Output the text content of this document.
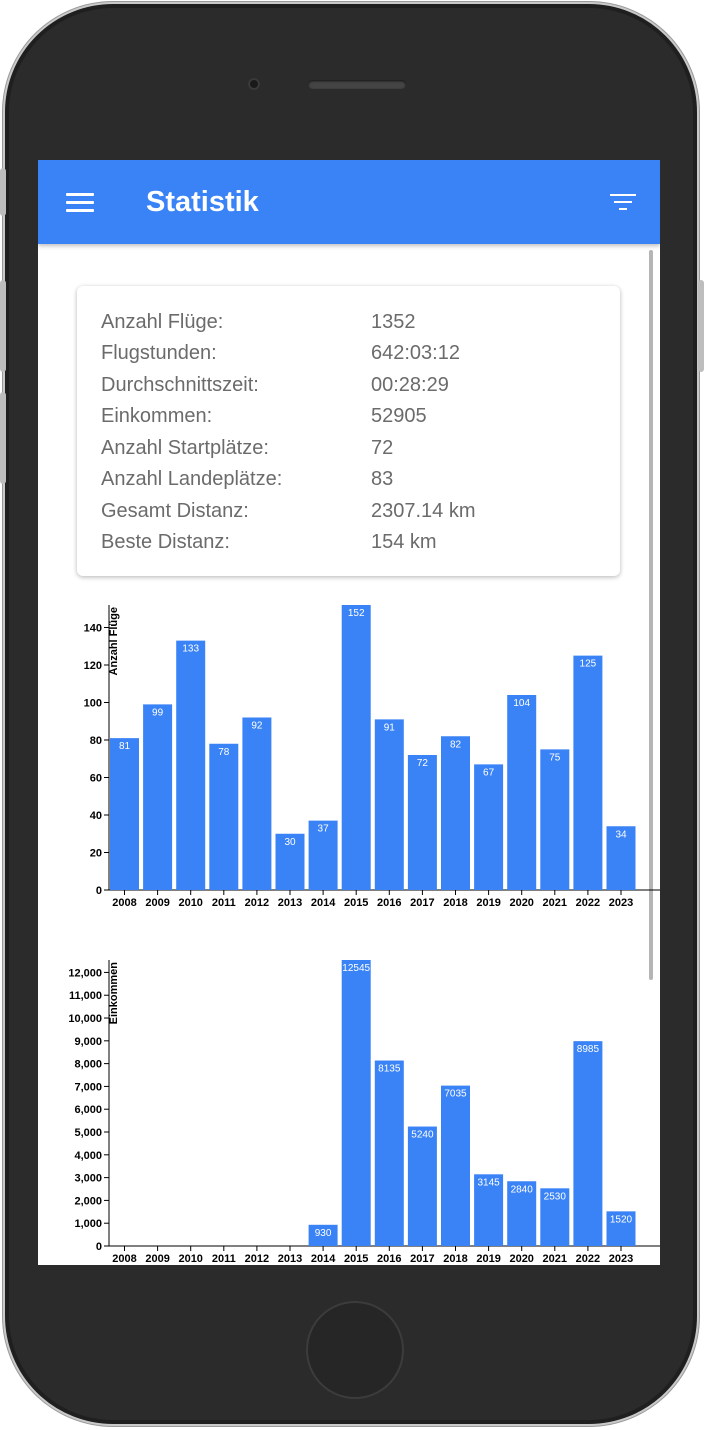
Statistik
Anzahl Flüge:	1352
Flugstunden:	642:03:12
Durchschnittszeit:	00:28:29
Einkommen:	52905
Anzahl Startplätze:	72
Anzahl Landeplätze:	83
Gesamt Distanz:	2307.14 km
Beste Distanz:	154 km
0
20
40
60
80
100
120
140 Anzahl Flüge
81
2008
99
2009
133
2010
78
2011
92
2012
30
2013
37
2014
152
2015
91
2016
72
2017
82
2018
67
2019
104
2020
75
2021
125
2022
34
2023
0
1,000
2,000
3,000
4,000
5,000
6,000
7,000
8,000
9,000
10,000
11,000
12,000 Einkommen
2008 2009 2010 2011 2012 2013
930
2014
12545
2015
8135
2016
5240
2017
7035
2018
3145
2019
2840
2020
2530
2021
8985
2022
1520
2023
